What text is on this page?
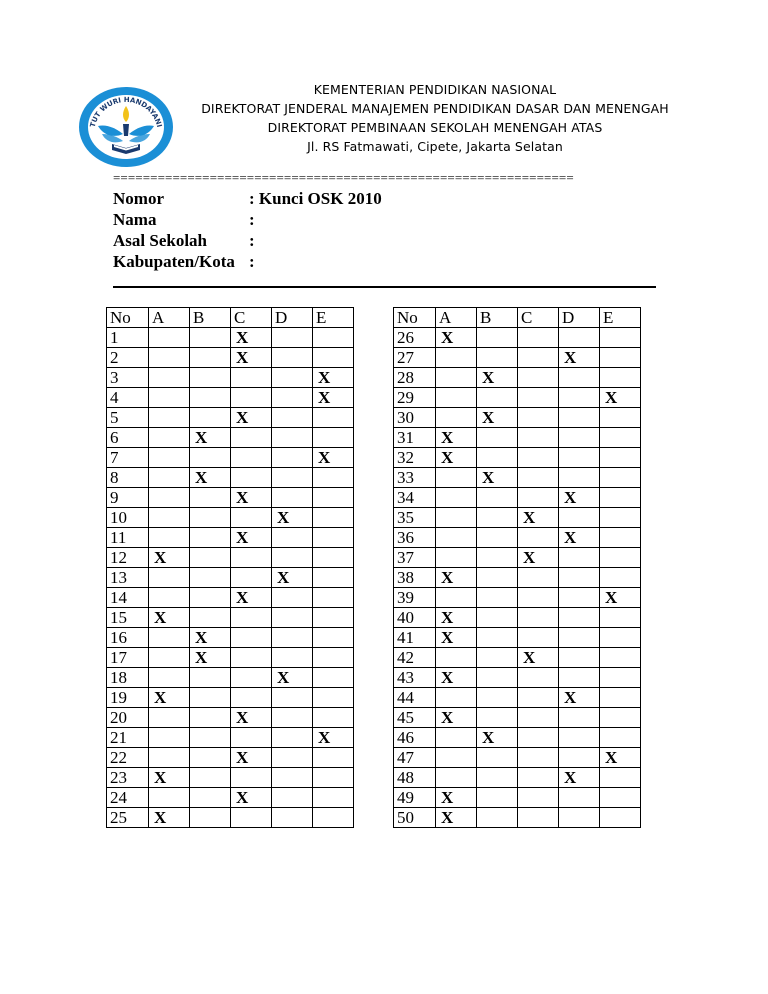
TUT WURI HANDAYANI
KEMENTERIAN PENDIDIKAN NASIONAL
DIREKTORAT JENDERAL MANAJEMEN PENDIDIKAN DASAR DAN MENENGAH
DIREKTORAT PEMBINAAN SEKOLAH MENENGAH ATAS
Jl. RS Fatmawati, Cipete, Jakarta Selatan
==============================================================
Nomor	: Kunci OSK 2010
Nama	:
Asal Sekolah :
Kabupaten/Kota :
No	A	B	C	D	E
1			X		
2			X		
3					X
4					X
5			X		
6		X			
7					X
8		X			
9			X		
10				X	
11			X		
12	X				
13				X	
14			X		
15	X				
16		X			
17		X			
18				X	
19	X				
20			X		
21					X
22			X		
23	X				
24			X		
25	X				
No	A	B	C	D	E
26	X				
27				X	
28		X			
29					X
30		X			
31	X				
32	X				
33		X			
34				X	
35			X		
36				X	
37			X		
38	X				
39					X
40	X				
41	X				
42			X		
43	X				
44				X	
45	X				
46		X			
47					X
48				X	
49	X				
50	X				
